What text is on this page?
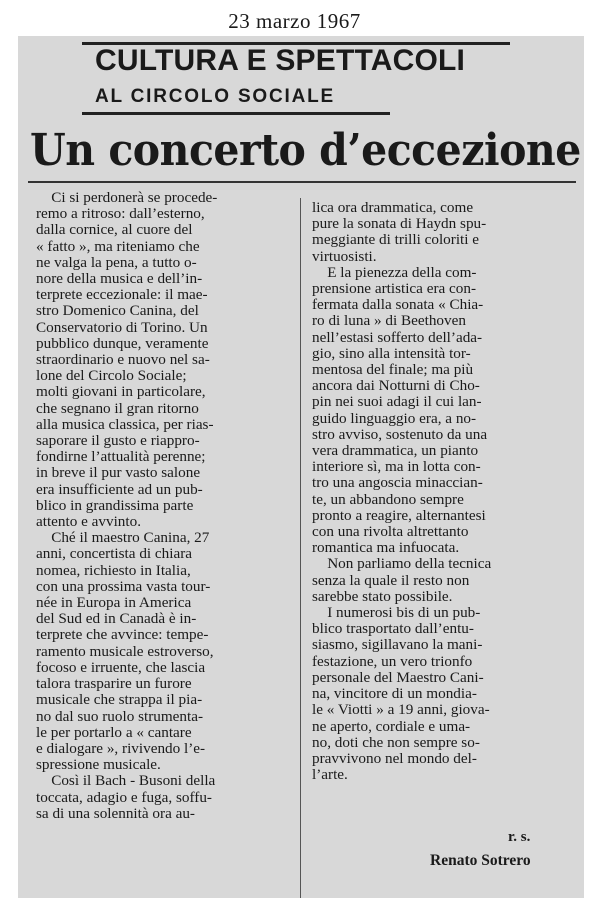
23 marzo 1967
CULTURA E SPETTACOLI
AL CIRCOLO SOCIALE
Un concerto d’eccezione
 Ci si perdonerà se procede-
remo a ritroso: dall’esterno,
dalla cornice, al cuore del
« fatto », ma riteniamo che
ne valga la pena, a tutto o-
nore della musica e dell’in-
terprete eccezionale: il mae-
stro Domenico Canina, del
Conservatorio di Torino. Un
pubblico dunque, veramente
straordinario e nuovo nel sa-
lone del Circolo Sociale;
molti giovani in particolare,
che segnano il gran ritorno
alla musica classica, per rias-
saporare il gusto e riappro-
fondirne l’attualità perenne;
in breve il pur vasto salone
era insufficiente ad un pub-
blico in grandissima parte
attento e avvinto.
 Ché il maestro Canina, 27
anni, concertista di chiara
nomea, richiesto in Italia,
con una prossima vasta tour-
née in Europa in America
del Sud ed in Canadà è in-
terprete che avvince: tempe-
ramento musicale estroverso,
focoso e irruente, che lascia
talora trasparire un furore
musicale che strappa il pia-
no dal suo ruolo strumenta-
le per portarlo a « cantare
e dialogare », rivivendo l’e-
spressione musicale.
 Così il Bach - Busoni della
toccata, adagio e fuga, soffu-
sa di una solennità ora au-
lica ora drammatica, come
pure la sonata di Haydn spu-
meggiante di trilli coloriti e
virtuosisti.
 E la pienezza della com-
prensione artistica era con-
fermata dalla sonata « Chia-
ro di luna » di Beethoven
nell’estasi sofferto dell’ada-
gio, sino alla intensità tor-
mentosa del finale; ma più
ancora dai Notturni di Cho-
pin nei suoi adagi il cui lan-
guido linguaggio era, a no-
stro avviso, sostenuto da una
vera drammatica, un pianto
interiore sì, ma in lotta con-
tro una angoscia minaccian-
te, un abbandono sempre
pronto a reagire, alternantesi
con una rivolta altrettanto
romantica ma infuocata.
 Non parliamo della tecnica
senza la quale il resto non
sarebbe stato possibile.
 I numerosi bis di un pub-
blico trasportato dall’entu-
siasmo, sigillavano la mani-
festazione, un vero trionfo
personale del Maestro Cani-
na, vincitore di un mondia-
le « Viotti » a 19 anni, giova-
ne aperto, cordiale e uma-
no, doti che non sempre so-
pravvivono nel mondo del-
l’arte.
r. s.
Renato Sotrero
